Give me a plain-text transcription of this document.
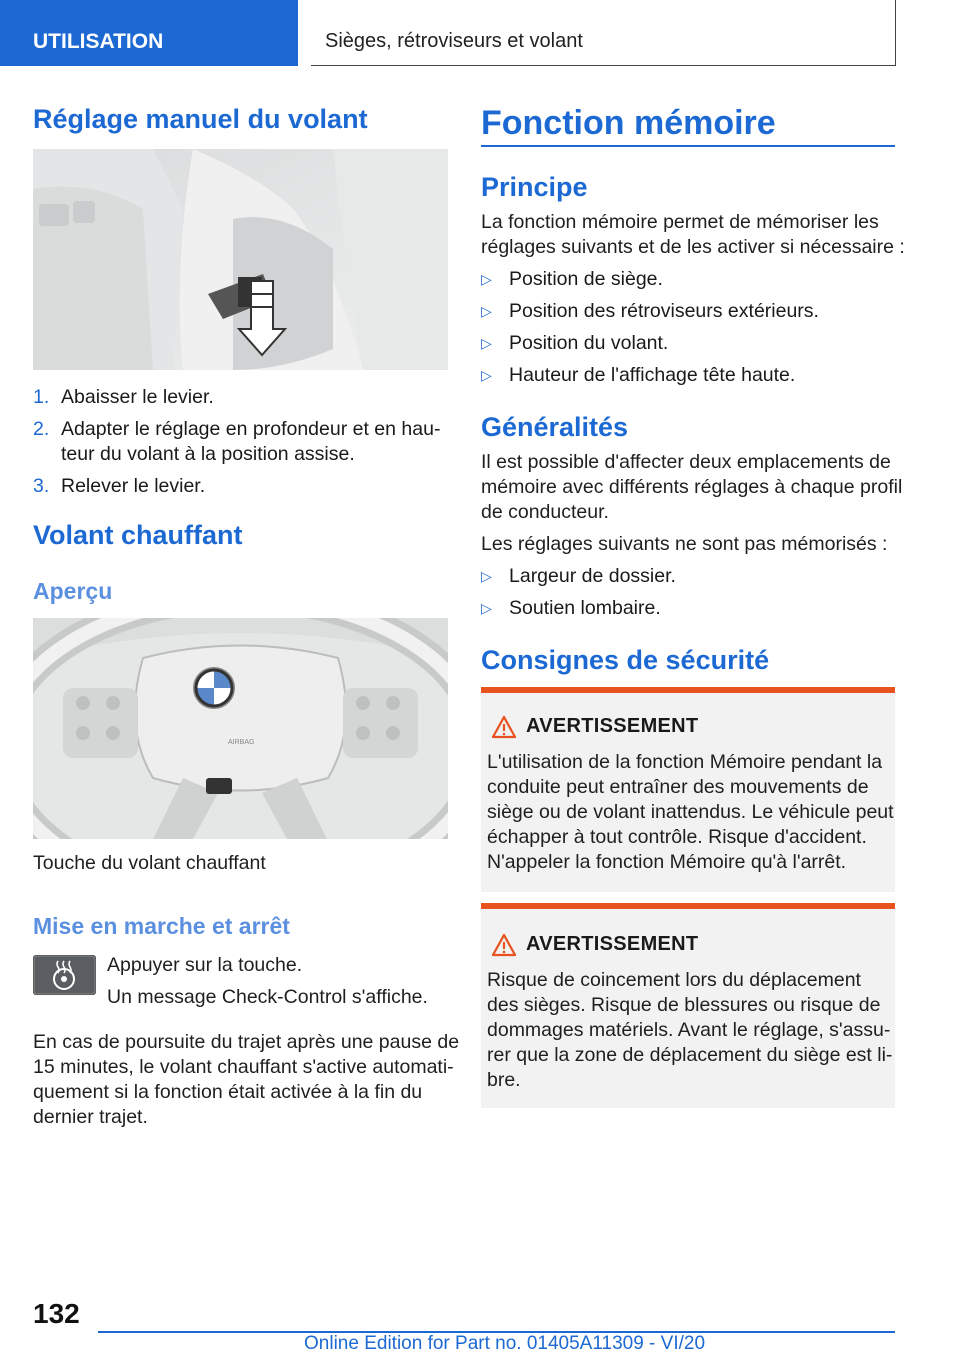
UTILISATION	Sièges, rétroviseurs et volant
Réglage manuel du volant
1. Abaisser le levier.
2. Adapter le réglage en profondeur et en hau‐
teur du volant à la position assise.
3. Relever le levier.
Volant chauffant
Aperçu
AIRBAG
Touche du volant chauffant
Mise en marche et arrêt
Appuyer sur la touche.
Un message Check-Control s'affiche.
En cas de poursuite du trajet après une pause de
15 minutes, le volant chauffant s'active automati‐
quement si la fonction était activée à la fin du
dernier trajet.
Fonction mémoire
Principe
La fonction mémoire permet de mémoriser les
réglages suivants et de les activer si nécessaire :
▷ Position de siège.
▷ Position des rétroviseurs extérieurs.
▷ Position du volant.
▷ Hauteur de l'affichage tête haute.
Généralités
Il est possible d'affecter deux emplacements de
mémoire avec différents réglages à chaque profil
de conducteur.
Les réglages suivants ne sont pas mémorisés :
▷ Largeur de dossier.
▷ Soutien lombaire.
Consignes de sécurité
AVERTISSEMENT
L'utilisation de la fonction Mémoire pendant la
conduite peut entraîner des mouvements de
siège ou de volant inattendus. Le véhicule peut
échapper à tout contrôle. Risque d'accident.
N'appeler la fonction Mémoire qu'à l'arrêt.
AVERTISSEMENT
Risque de coincement lors du déplacement
des sièges. Risque de blessures ou risque de
dommages matériels. Avant le réglage, s'assu‐
rer que la zone de déplacement du siège est li‐
bre.
132
Online Edition for Part no. 01405A11309 - VI/20
